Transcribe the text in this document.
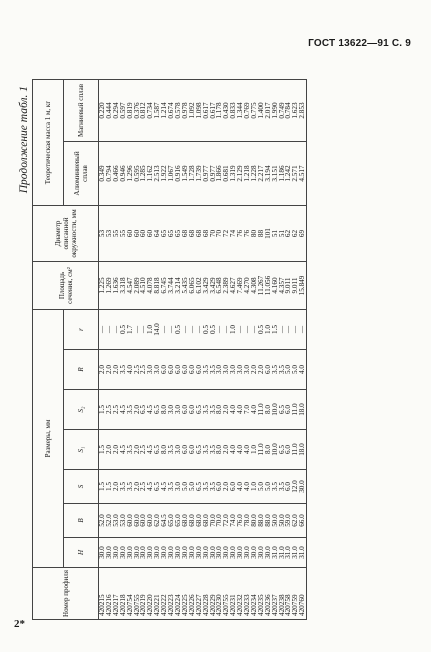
ГОСТ 13622—91 С. 9
Продолжение табл. 1
Номер профиля	Размеры, мм							Площадь сечения, см²	Диаметр описанной окружности, мм	Теоретическая масса 1 м, кг	
	H	B	S	S₁	S₂	R	r			Алюминиевый сплав	Магниевый сплав
420215	30.0	52.0	1.5	1.5	1.5	2.0	—	1.225	53	0.349	0.220
420216	30.0	52.0	1.5	2.0	2.5	2.0	—	1.269	53	0.794	0.444
420217	30.0	53.0	2.0	2.0	2.5	2.0	—	1.636	55	0.466	0.294
420218	30.0	53.0	3.5	4.5	4.5	3.5	0.5	3.318	55	0.946	0.597
420754	30.0	60.0	3.5	3.5	3.5	4.0	1.7	4.547	60	1.296	0.819
420755	30.0	60.0	2.0	2.0	2.0	2.5	—	2.089	60	0.595	0.376
420219	30.0	60.0	2.5	2.5	6.5	2.5	—	4.510	60	1.285	0.812
420220	30.0	60.0	4.5	4.5	4.5	3.0	1.0	4.078	60	1.162	0.734
420221	30.0	62.0	6.5	6.5	6.5	3.0	14.0	8.818	64	2.513	1.587
420222	30.0	64.5	4.5	8.0	8.0	6.0	—	6.745	65	1.922	1.214
420223	30.0	65.0	3.5	3.5	3.0	6.0	—	3.744	65	1.067	0.674
420224	30.0	65.0	3.0	3.0	3.0	6.0	0.5	3.214	65	0.916	0.578
420225	30.0	68.0	5.0	6.0	6.0	6.0	—	5.435	68	1.549	0.978
420226	30.0	68.0	5.0	6.0	6.0	6.0	—	6.065	68	1.728	1.092
420227	30.0	68.0	6.5	6.5	6.5	6.0	—	6.102	68	1.739	1.098
420228	30.0	68.0	3.5	3.5	3.5	3.5	0.5	3.429	68	0.977	0.617
420229	30.0	70.0	3.5	3.5	3.5	3.5	0.5	3.429	70	0.977	0.617
420230	30.0	70.0	6.0	8.0	8.0	3.0	—	6.548	70	1.866	1.178
420755	30.0	72.0	2.0	2.0	2.0	3.0	—	2.389	72	0.681	0.430
420231	30.0	74.0	6.0	4.0	4.0	3.0	1.0	4.627	74	1.319	0.833
420232	30.0	76.0	4.0	4.0	4.0	3.0	—	7.469	76	2.129	1.344
420233	30.0	78.0	4.0	4.0	7.0	3.0	—	4.270	76	1.218	0.769
420234	30.0	80.0	1.0	1.0	4.0	2.0	—	4.308	80	1.228	0.775
420235	30.0	88.0	5.0	11.0	11.0	2.0	0.5	11.267	88	2.217	1.400
420236	30.0	88.0	5.0	8.0	8.0	6.0	1.0	11.056	101	3.194	2.017
420237	31.0	50.0	3.5	10.0	10.0	3.5	1.5	4.160	51	3.151	1.990
420238	31.0	50.0	3.5	6.5	6.5	3.5	—	4.357	51	1.186	0.749
420758	31.0	59.0	6.0	6.0	6.0	5.0	—	9.011	62	1.242	0.784
420759	31.0	62.0	12.0	11.0	11.0	5.0	—	9.011	62	2.571	1.623
420760	31.0	66.0	30.0	18.0	18.0	4.0	—	15.849	69	4.517	2.853
2*
